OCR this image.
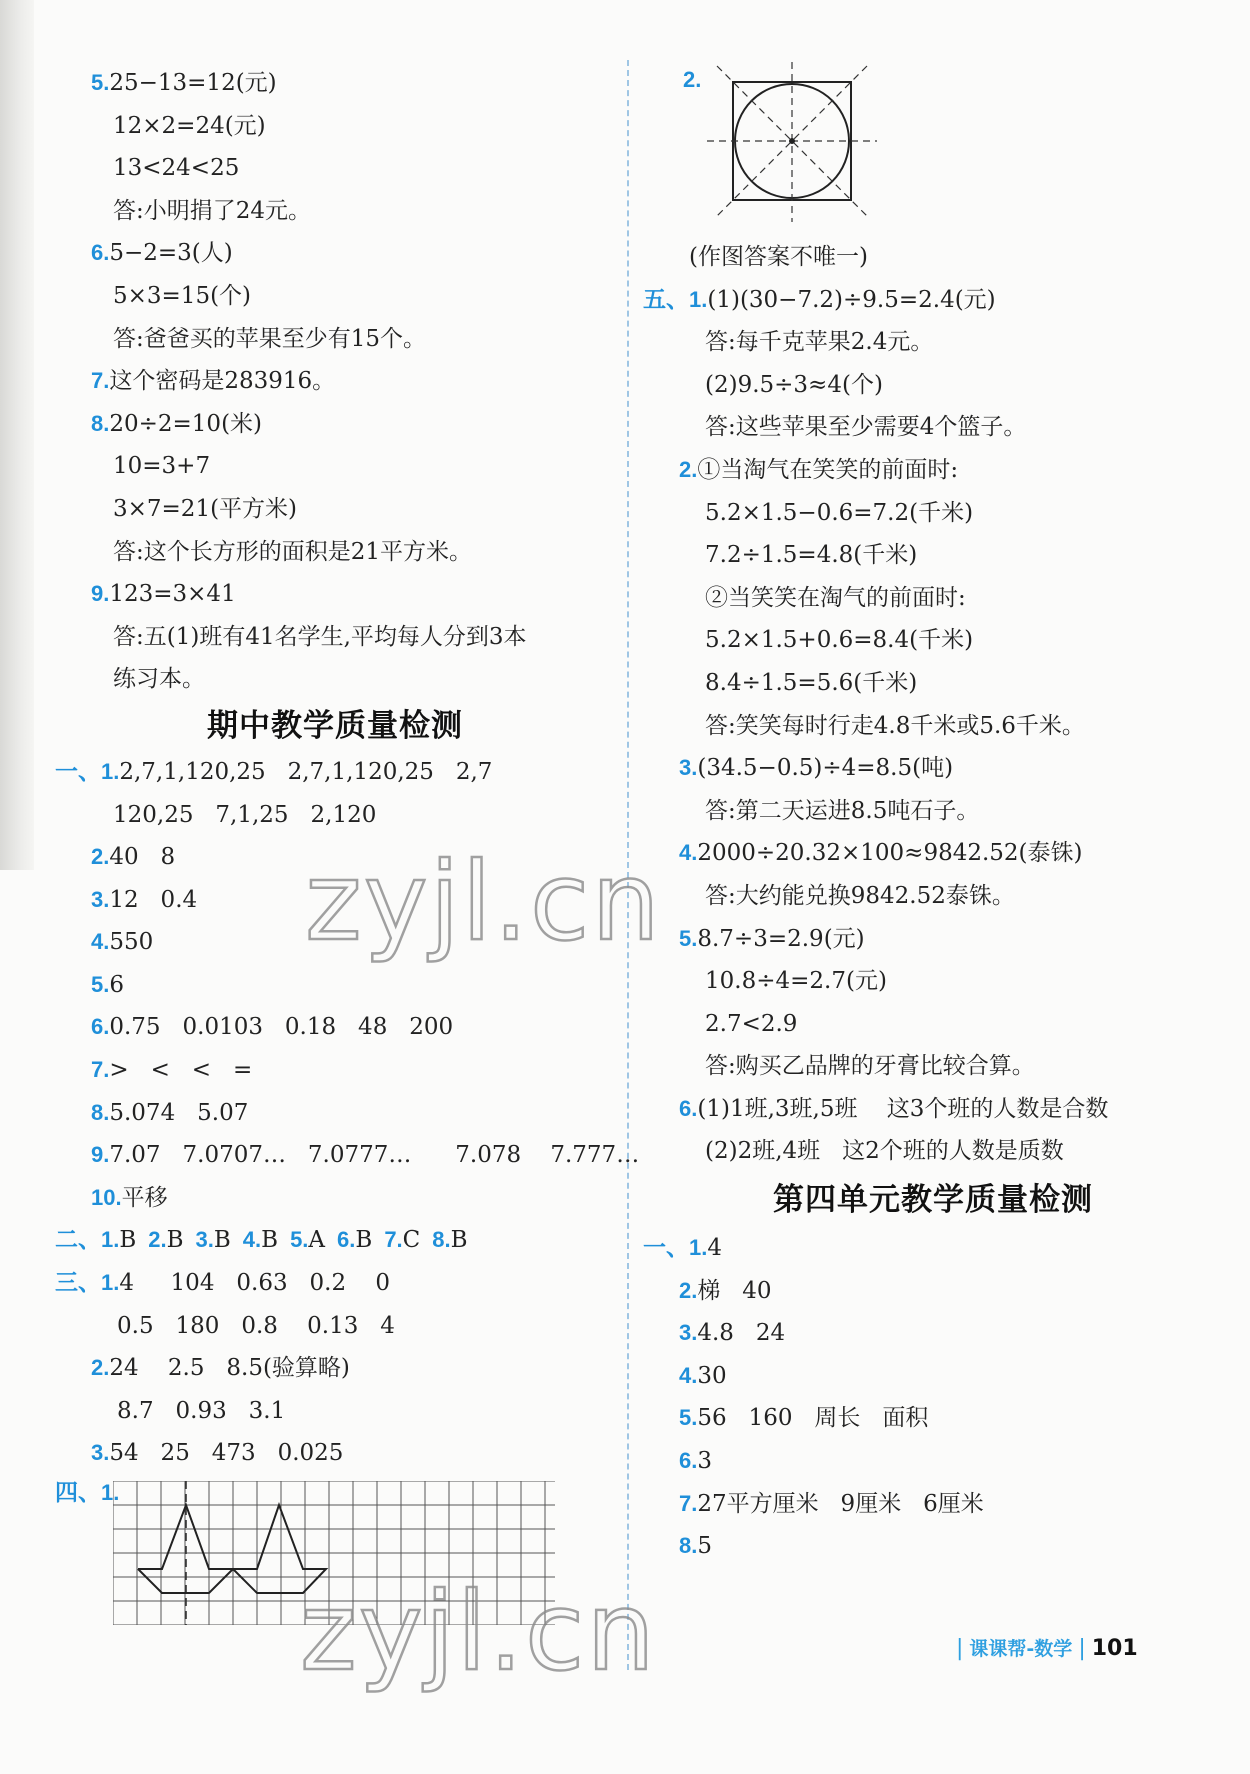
5.25−13=12(元)
12×2=24(元)
13<24<25
答:小明捐了24元。
6.5−2=3(人)
5×3=15(个)
答:爸爸买的苹果至少有15个。
7.这个密码是283916。
8.20÷2=10(米)
10=3+7
3×7=21(平方米)
答:这个长方形的面积是21平方米。
9.123=3×41
答:五(1)班有41名学生,平均每人分到3本
练习本。
期中教学质量检测
一、1.2,7,1,120,25   2,7,1,120,25   2,7
120,25   7,1,25   2,120
2.40   8
3.12   0.4
4.550
5.6
6.0.75   0.0103   0.18   48   200
7.>   <   <   =
8.5.074   5.07
9.7.07   7.0707…   7.0777…      7.078    7.777…
10.平移
二、1.B 2.B 3.B 4.B 5.A 6.B 7.C 8.B
三、1.4     104   0.63   0.2    0
0.5   180   0.8    0.13   4
2.24    2.5   8.5(验算略)
8.7   0.93   3.1
3.54   25   473   0.025
四、1.
2.
(作图答案不唯一)
五、1.(1)(30−7.2)÷9.5=2.4(元)
答:每千克苹果2.4元。
(2)9.5÷3≈4(个)
答:这些苹果至少需要4个篮子。
2.①当淘气在笑笑的前面时:
5.2×1.5−0.6=7.2(千米)
7.2÷1.5=4.8(千米)
②当笑笑在淘气的前面时:
5.2×1.5+0.6=8.4(千米)
8.4÷1.5=5.6(千米)
答:笑笑每时行走4.8千米或5.6千米。
3.(34.5−0.5)÷4=8.5(吨)
答:第二天运进8.5吨石子。
4.2000÷20.32×100≈9842.52(泰铢)
答:大约能兑换9842.52泰铢。
5.8.7÷3=2.9(元)
10.8÷4=2.7(元)
2.7<2.9
答:购买乙品牌的牙膏比较合算。
6.(1)1班,3班,5班    这3个班的人数是合数
(2)2班,4班   这2个班的人数是质数
第四单元教学质量检测
一、1.4
2.梯   40
3.4.8   24
4.30
5.56   160   周长   面积
6.3
7.27平方厘米   9厘米   6厘米
8.5
zyjl.cn
zyjl.cn	| 课课帮-数学 | 101
